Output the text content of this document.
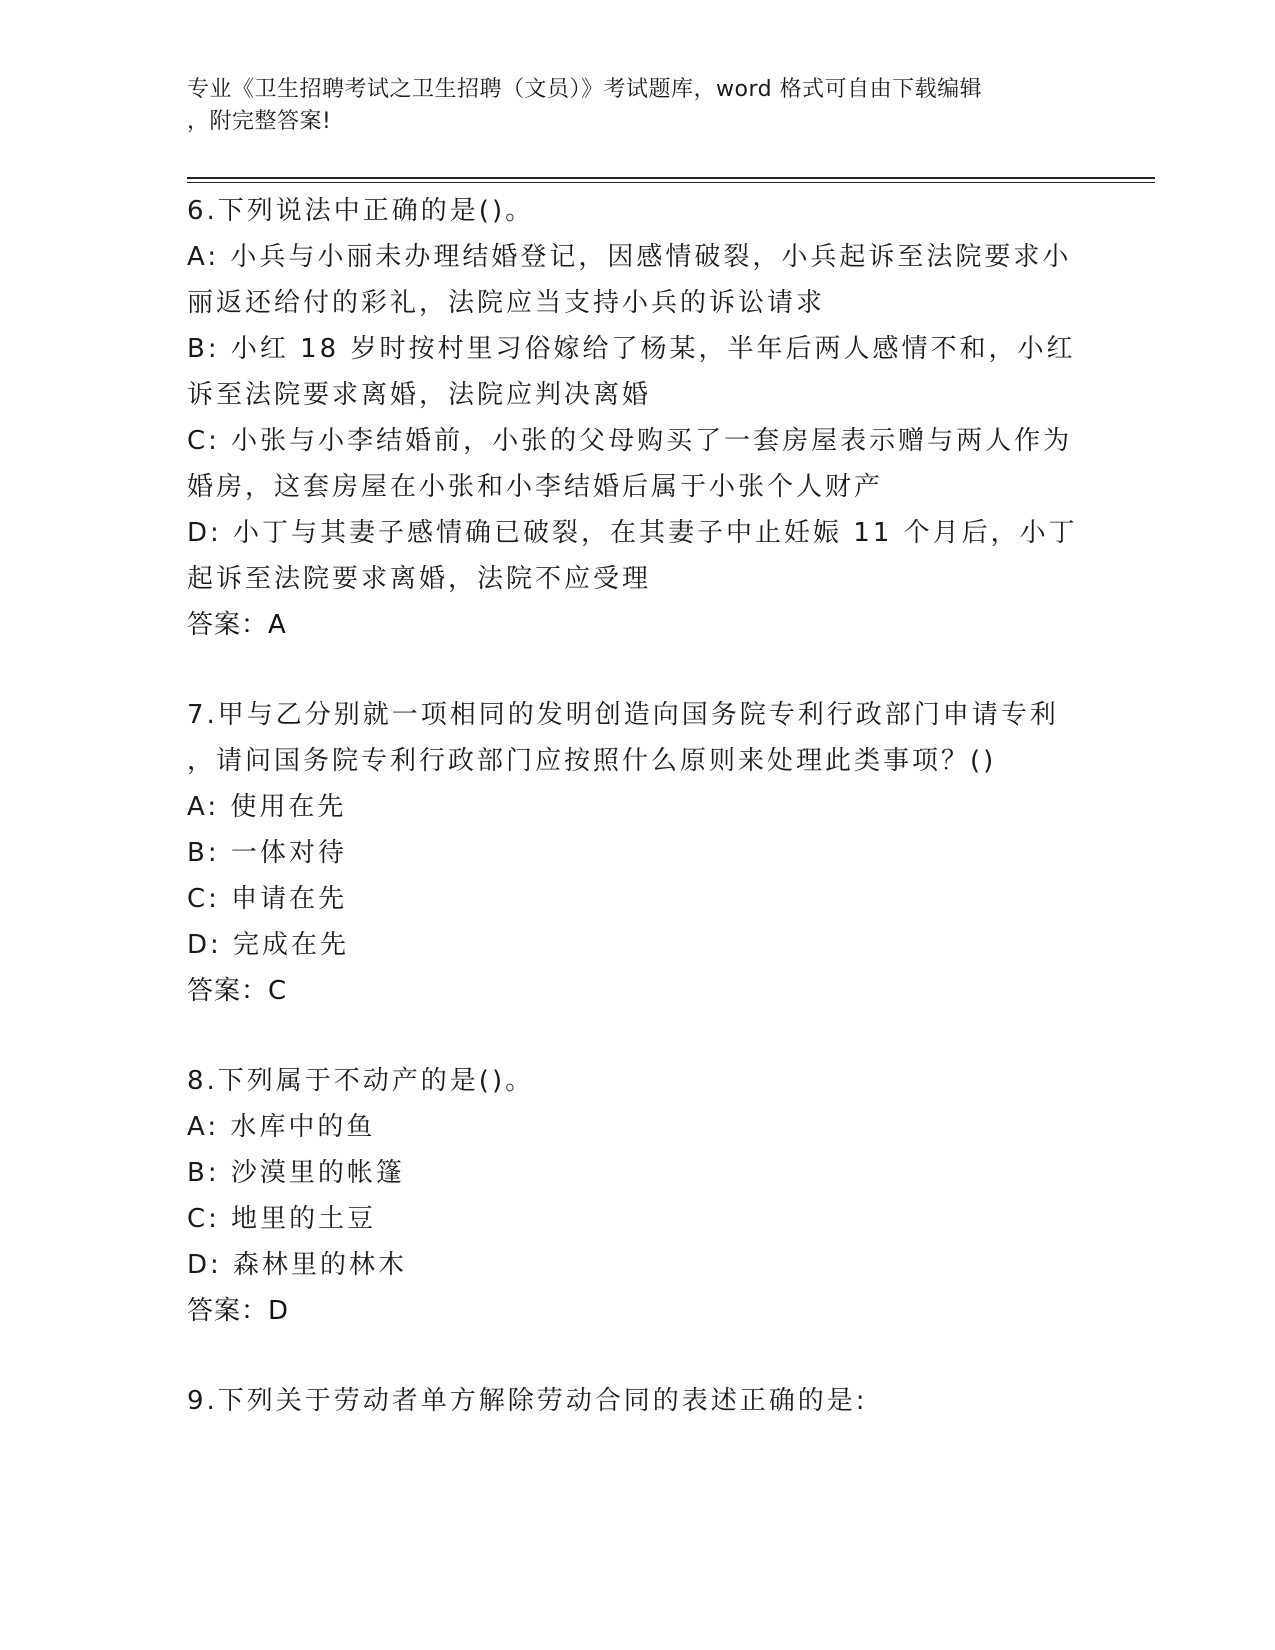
专业《卫生招聘考试之卫生招聘（文员）》考试题库，word 格式可自由下载编辑
，附完整答案!
6.下列说法中正确的是()。
A: 小兵与小丽未办理结婚登记，因感情破裂，小兵起诉至法院要求小
丽返还给付的彩礼，法院应当支持小兵的诉讼请求
B: 小红 18 岁时按村里习俗嫁给了杨某，半年后两人感情不和，小红
诉至法院要求离婚，法院应判决离婚
C: 小张与小李结婚前，小张的父母购买了一套房屋表示赠与两人作为
婚房，这套房屋在小张和小李结婚后属于小张个人财产
D: 小丁与其妻子感情确已破裂，在其妻子中止妊娠 11 个月后，小丁
起诉至法院要求离婚，法院不应受理
答案：A
7.甲与乙分别就一项相同的发明创造向国务院专利行政部门申请专利
，请问国务院专利行政部门应按照什么原则来处理此类事项？()
A: 使用在先
B: 一体对待
C: 申请在先
D: 完成在先
答案：C
8.下列属于不动产的是()。
A: 水库中的鱼
B: 沙漠里的帐篷
C: 地里的土豆
D: 森林里的林木
答案：D
9.下列关于劳动者单方解除劳动合同的表述正确的是:
